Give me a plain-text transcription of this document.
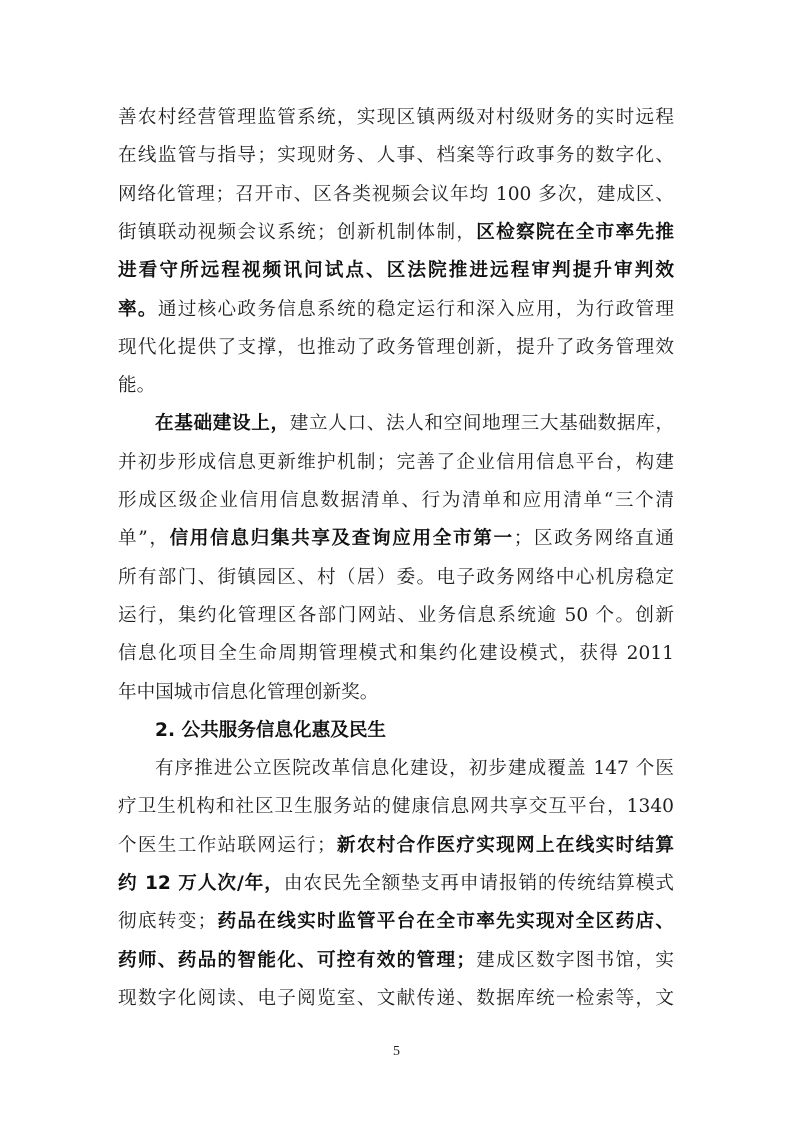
善农村经营管理监管系统，实现区镇两级对村级财务的实时远程
在线监管与指导；实现财务、人事、档案等行政事务的数字化、
网络化管理；召开市、区各类视频会议年均 100 多次，建成区、
街镇联动视频会议系统；创新机制体制，区检察院在全市率先推
进看守所远程视频讯问试点、区法院推进远程审判提升审判效
率。通过核心政务信息系统的稳定运行和深入应用，为行政管理
现代化提供了支撑，也推动了政务管理创新，提升了政务管理效
能。
在基础建设上，建立人口、法人和空间地理三大基础数据库，
并初步形成信息更新维护机制；完善了企业信用信息平台，构建
形成区级企业信用信息数据清单、行为清单和应用清单“三个清
单”，信用信息归集共享及查询应用全市第一；区政务网络直通
所有部门、街镇园区、村（居）委。电子政务网络中心机房稳定
运行，集约化管理区各部门网站、业务信息系统逾 50 个。创新
信息化项目全生命周期管理模式和集约化建设模式，获得 2011
年中国城市信息化管理创新奖。
2. 公共服务信息化惠及民生
有序推进公立医院改革信息化建设，初步建成覆盖 147 个医
疗卫生机构和社区卫生服务站的健康信息网共享交互平台，1340
个医生工作站联网运行；新农村合作医疗实现网上在线实时结算
约 12 万人次/年，由农民先全额垫支再申请报销的传统结算模式
彻底转变；药品在线实时监管平台在全市率先实现对全区药店、
药师、药品的智能化、可控有效的管理；建成区数字图书馆，实
现数字化阅读、电子阅览室、文献传递、数据库统一检索等，文
5
